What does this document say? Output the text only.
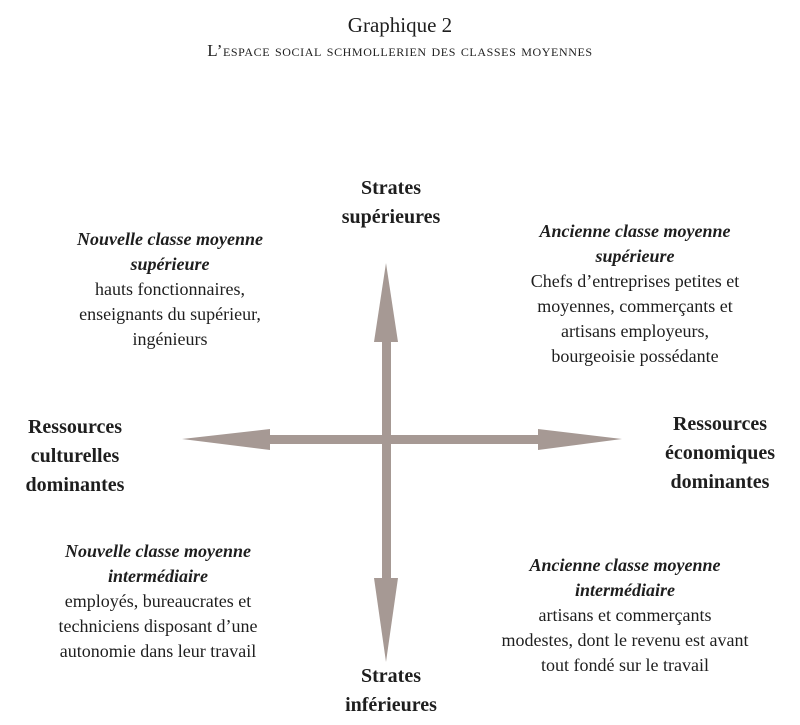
Graphique 2
L’espace social schmollerien des classes moyennes
Strates
supérieures
Strates
inférieures
Ressources
culturelles
dominantes
Ressources
économiques
dominantes
Nouvelle classe moyenne
supérieure
hauts fonctionnaires,
enseignants du supérieur,
ingénieurs
Ancienne classe moyenne
supérieure
Chefs d’entreprises petites et
moyennes, commerçants et
artisans employeurs,
bourgeoisie possédante
Nouvelle classe moyenne
intermédiaire
employés, bureaucrates et
techniciens disposant d’une
autonomie dans leur travail
Ancienne classe moyenne
intermédiaire
artisans et commerçants
modestes, dont le revenu est avant
tout fondé sur le travail
